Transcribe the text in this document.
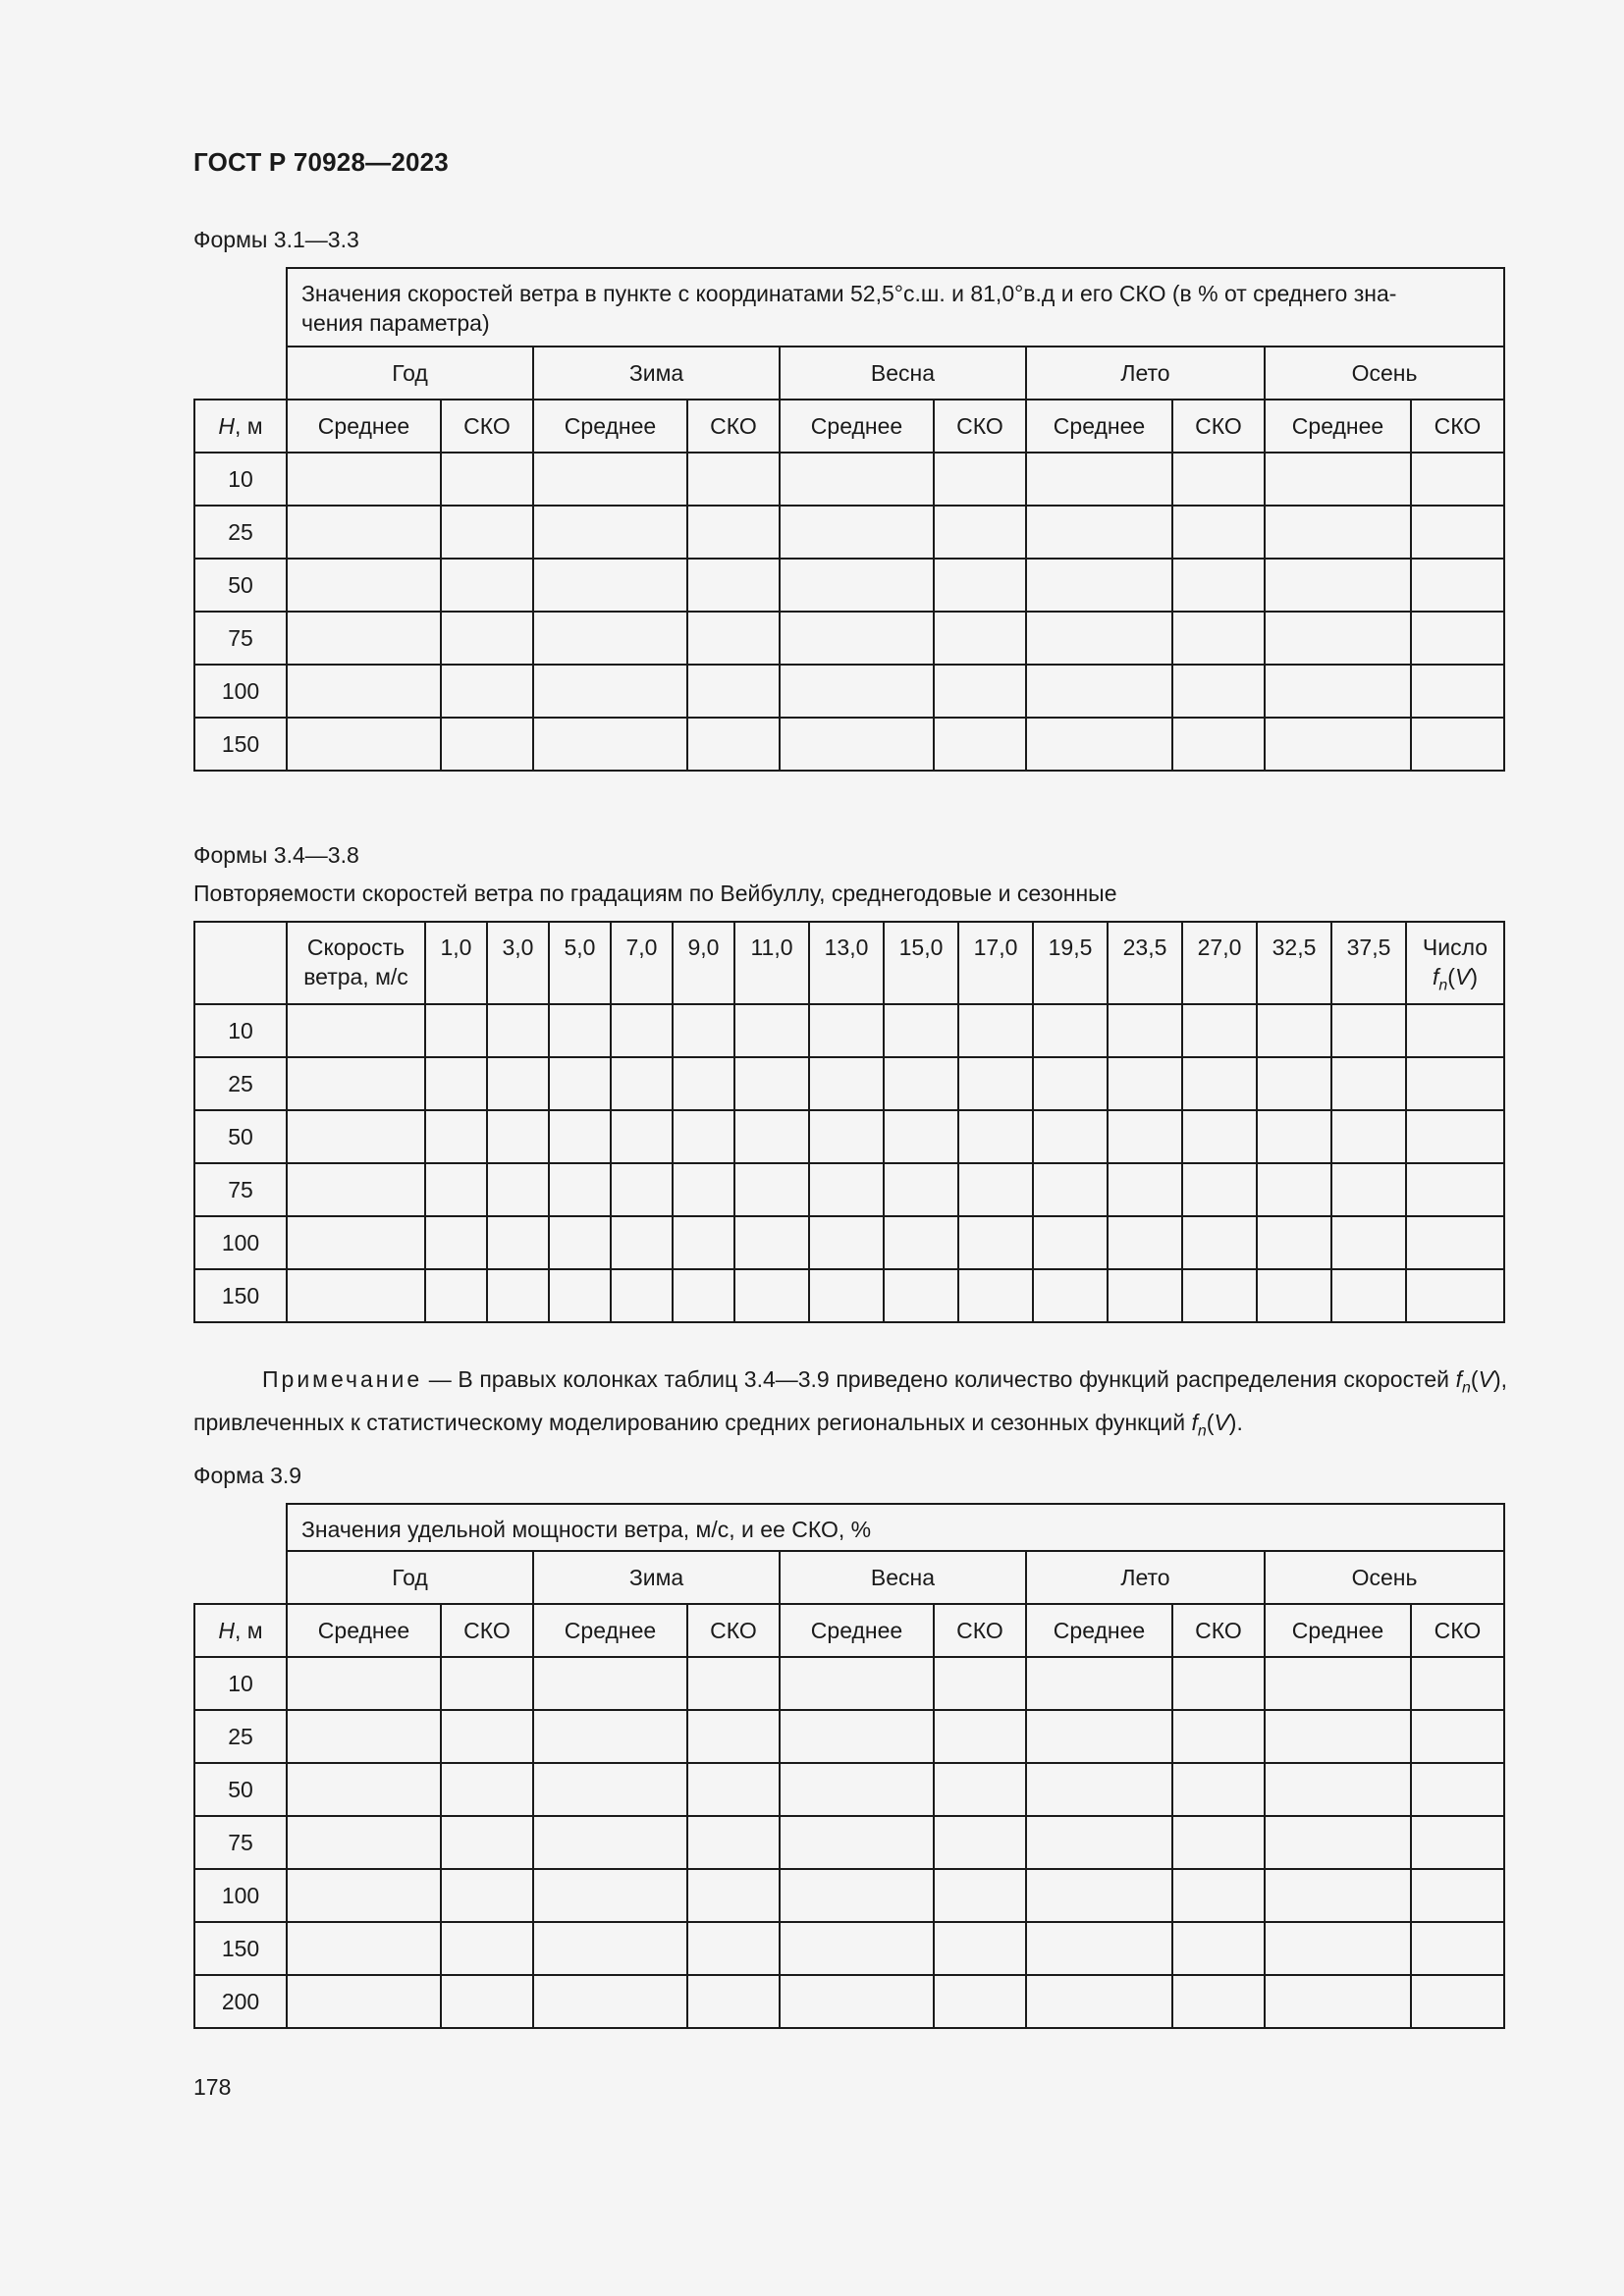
ГОСТ Р 70928—2023
Формы 3.1—3.3
	Значения скоростей ветра в пункте с координатами 52,5°с.ш. и 81,0°в.д и его СКО (в % от среднего зна-
чения параметра)									
	Год		Зима		Весна		Лето		Осень	
Н, м	Среднее	СКО	Среднее	СКО	Среднее	СКО	Среднее	СКО	Среднее	СКО
10										
25										
50										
75										
100										
150										
Формы 3.4—3.8
Повторяемости скоростей ветра по градациям по Вейбуллу, среднегодовые и сезонные
	Скорость ветра, м/с	1,0	3,0	5,0	7,0	9,0	11,0	13,0	15,0	17,0	19,5	23,5	27,0	32,5	37,5	Число
$f_n(V)$
10																
25																
50																
75																
100																
150																
Примечание — В правых колонках таблиц 3.4—3.9 приведено количество функций распределения скоростей $f_n(V)$, привлеченных к статистическому моделированию средних региональных и сезонных функций $f_n(V)$.
Форма 3.9
	Значения удельной мощности ветра, м/с, и ее СКО, %									
	Год		Зима		Весна		Лето		Осень	
Н, м	Среднее	СКО	Среднее	СКО	Среднее	СКО	Среднее	СКО	Среднее	СКО
10										
25										
50										
75										
100										
150										
200										
178
